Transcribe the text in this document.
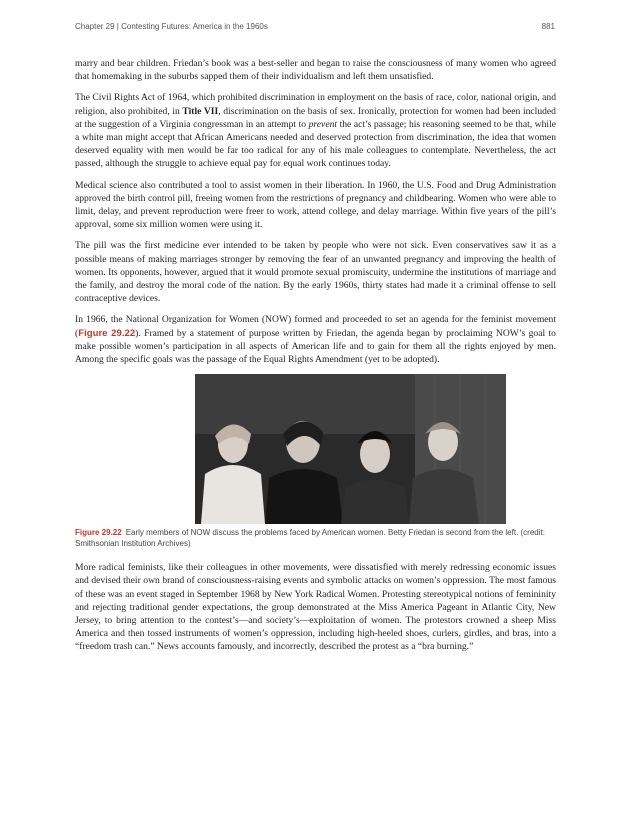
Chapter 29 | Contesting Futures: America in the 1960s	881

marry and bear children. Friedan’s book was a best-seller and began to raise the consciousness of many women who agreed that homemaking in the suburbs sapped them of their individualism and left them unsatisfied.

The Civil Rights Act of 1964, which prohibited discrimination in employment on the basis of race, color, national origin, and religion, also prohibited, in Title VII, discrimination on the basis of sex. Ironically, protection for women had been included at the suggestion of a Virginia congressman in an attempt to prevent the act’s passage; his reasoning seemed to be that, while a white man might accept that African Americans needed and deserved protection from discrimination, the idea that women deserved equality with men would be far too radical for any of his male colleagues to contemplate. Nevertheless, the act passed, although the struggle to achieve equal pay for equal work continues today.

Medical science also contributed a tool to assist women in their liberation. In 1960, the U.S. Food and Drug Administration approved the birth control pill, freeing women from the restrictions of pregnancy and childbearing. Women who were able to limit, delay, and prevent reproduction were freer to work, attend college, and delay marriage. Within five years of the pill’s approval, some six million women were using it.

The pill was the first medicine ever intended to be taken by people who were not sick. Even conservatives saw it as a possible means of making marriages stronger by removing the fear of an unwanted pregnancy and improving the health of women. Its opponents, however, argued that it would promote sexual promiscuity, undermine the institutions of marriage and the family, and destroy the moral code of the nation. By the early 1960s, thirty states had made it a criminal offense to sell contraceptive devices.

In 1966, the National Organization for Women (NOW) formed and proceeded to set an agenda for the feminist movement (Figure 29.22). Framed by a statement of purpose written by Friedan, the agenda began by proclaiming NOW’s goal to make possible women’s participation in all aspects of American life and to gain for them all the rights enjoyed by men. Among the specific goals was the passage of the Equal Rights Amendment (yet to be adopted).

Figure 29.22 Early members of NOW discuss the problems faced by American women. Betty Friedan is second from the left. (credit: Smithsonian Institution Archives)

More radical feminists, like their colleagues in other movements, were dissatisfied with merely redressing economic issues and devised their own brand of consciousness-raising events and symbolic attacks on women’s oppression. The most famous of these was an event staged in September 1968 by New York Radical Women. Protesting stereotypical notions of femininity and rejecting traditional gender expectations, the group demonstrated at the Miss America Pageant in Atlantic City, New Jersey, to bring attention to the contest’s—and society’s—exploitation of women. The protestors crowned a sheep Miss America and then tossed instruments of women’s oppression, including high-heeled shoes, curlers, girdles, and bras, into a “freedom trash can.” News accounts famously, and incorrectly, described the protest as a “bra burning.”
